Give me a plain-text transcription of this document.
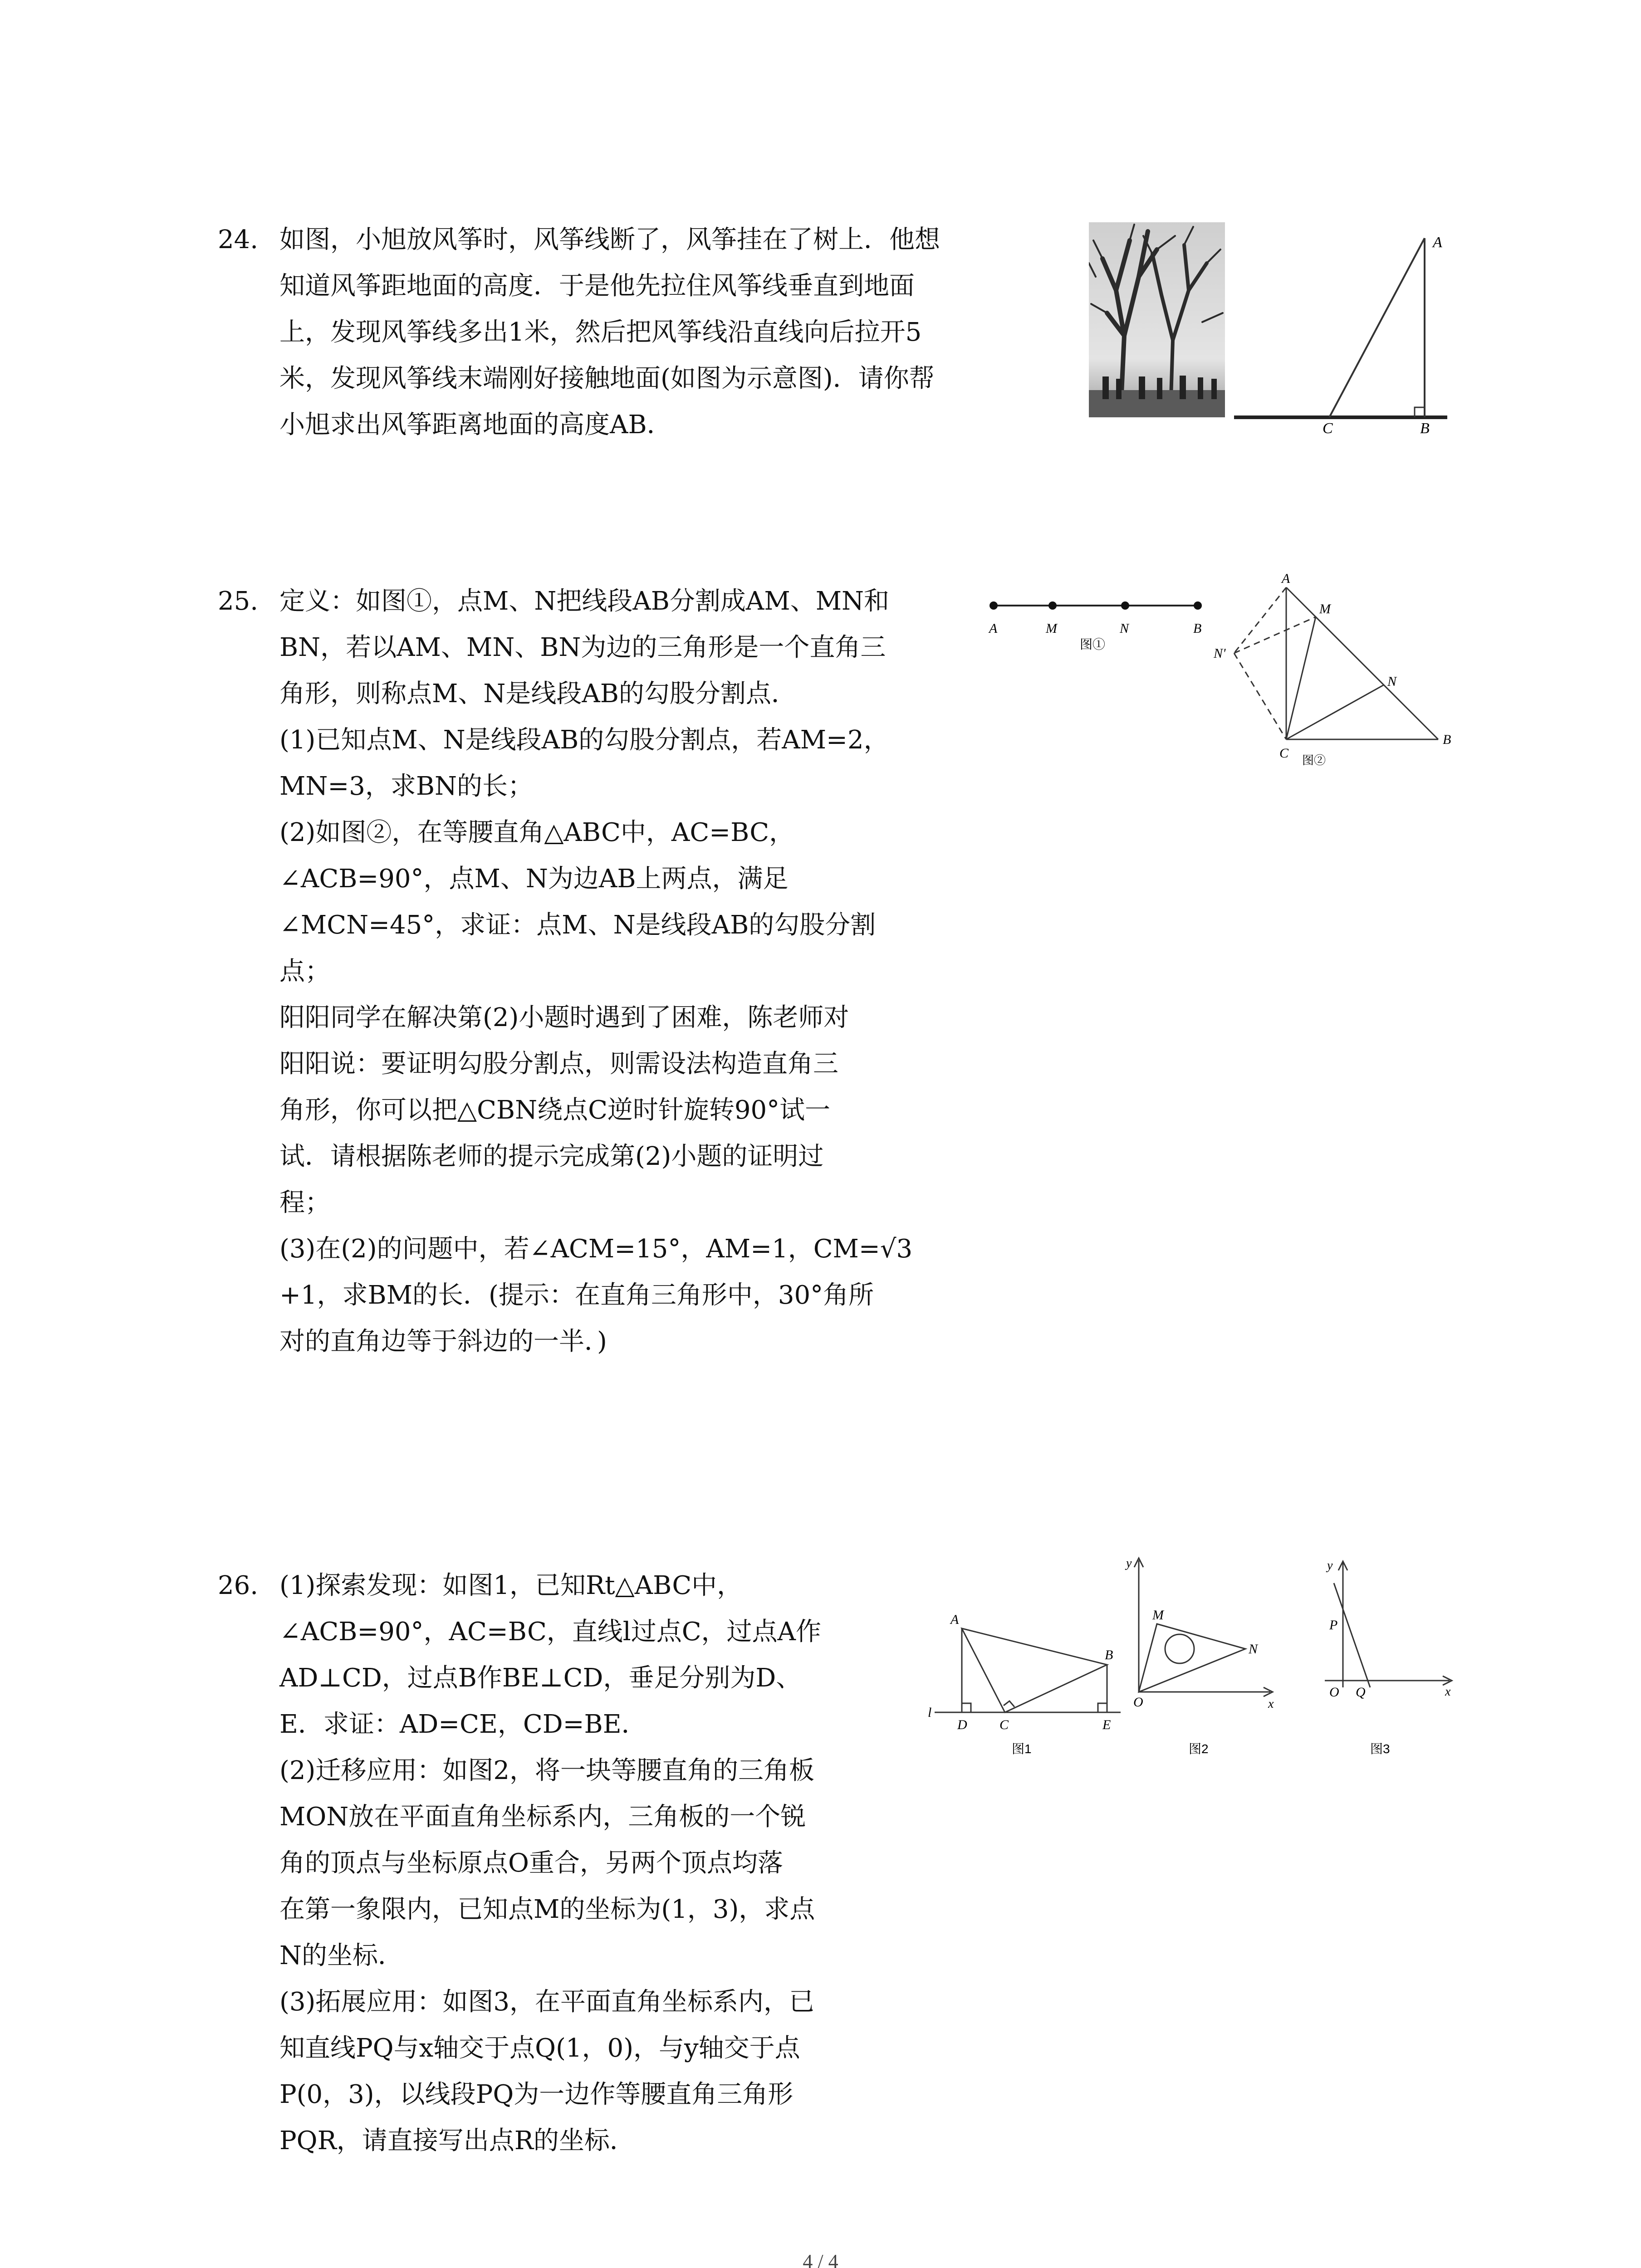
24. 如图，小旭放风筝时，风筝线断了，风筝挂在了树上．他想
知道风筝距地面的高度．于是他先拉住风筝线垂直到地面
上，发现风筝线多出1米，然后把风筝线沿直线向后拉开5
米，发现风筝线末端刚好接触地面(如图为示意图)．请你帮
小旭求出风筝距离地面的高度AB．
A
C	B
25. 定义：如图①，点M、N把线段AB分割成AM、MN和
BN，若以AM、MN、BN为边的三角形是一个直角三
角形，则称点M、N是线段AB的勾股分割点．
(1)已知点M、N是线段AB的勾股分割点，若AM=2，
MN=3，求BN的长；
(2)如图②，在等腰直角△ABC中，AC=BC，
∠ACB=90°，点M、N为边AB上两点，满足
∠MCN=45°，求证：点M、N是线段AB的勾股分割
点；
阳阳同学在解决第(2)小题时遇到了困难，陈老师对
阳阳说：要证明勾股分割点，则需设法构造直角三
角形，你可以把△CBN绕点C逆时针旋转90°试一
试．请根据陈老师的提示完成第(2)小题的证明过
程；
(3)在(2)的问题中，若∠ACM=15°，AM=1，CM=√3
+1，求BM的长．(提示：在直角三角形中，30°角所
对的直角边等于斜边的一半．)
A	M	N	B
图①
A
M
N'
N
C
B
图②
26. (1)探索发现：如图1，已知Rt△ABC中，
∠ACB=90°，AC=BC，直线l过点C，过点A作
AD⊥CD，过点B作BE⊥CD，垂足分别为D、
E．求证：AD=CE，CD=BE．
(2)迁移应用：如图2，将一块等腰直角的三角板
MON放在平面直角坐标系内，三角板的一个锐
角的顶点与坐标原点O重合，另两个顶点均落
在第一象限内，已知点M的坐标为(1，3)，求点
N的坐标．
(3)拓展应用：如图3，在平面直角坐标系内，已
知直线PQ与x轴交于点Q(1，0)，与y轴交于点
P(0，3)，以线段PQ为一边作等腰直角三角形
PQR，请直接写出点R的坐标．
A
B
l
D C	E
图1
y
M
N
O	x
图2
y
P
O Q	x
图3
4 / 4
